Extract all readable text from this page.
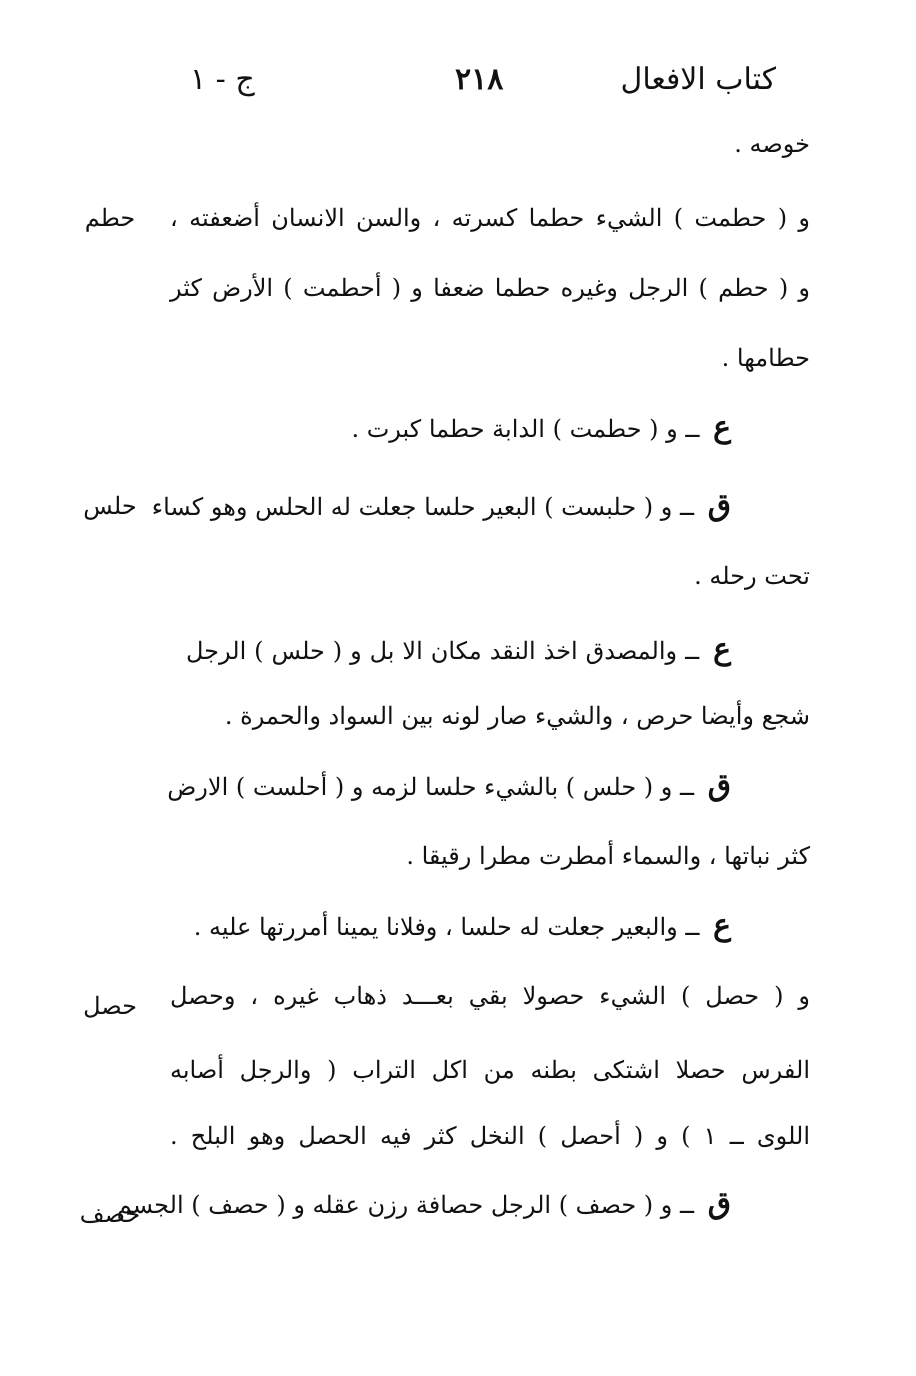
كتاب الافعال
٢١٨
ج - ١
خوصه .
حطم	و ( حطمت ) الشيء حطما كسرته ، والسن الانسان أضعفته ،
و ( حطم ) الرجل وغيره حطما ضعفا و ( أحطمت ) الأرض كثر
حطامها .
ع ــ و ( حطمت ) الدابة حطما كبرت .
حلس	ق ــ و ( حلبست ) البعير حلسا جعلت له الحلس وهو كساء
تحت رحله .
ع ــ والمصدق اخذ النقد مكان الا بل و ( حلس ) الرجل
شجع وأيضا حرص ، والشيء صار لونه بين السواد والحمرة .
ق ــ و ( حلس ) بالشيء حلسا لزمه و ( أحلست ) الارض
كثر نباتها ، والسماء أمطرت مطرا رقيقا .
ع ــ والبعير جعلت له حلسا ، وفلانا يمينا أمررتها عليه .
حصل	و ( حصل ) الشيء حصولا بقي بعـــد ذهاب غيره ، وحصل
الفرس حصلا اشتكى بطنه من اكل التراب ( والرجل أصابه
اللوى ــ ١ ) و ( أحصل ) النخل كثر فيه الحصل وهو البلح .
حصف	ق ــ و ( حصف ) الرجل حصافة رزن عقله و ( حصف ) الجسم
